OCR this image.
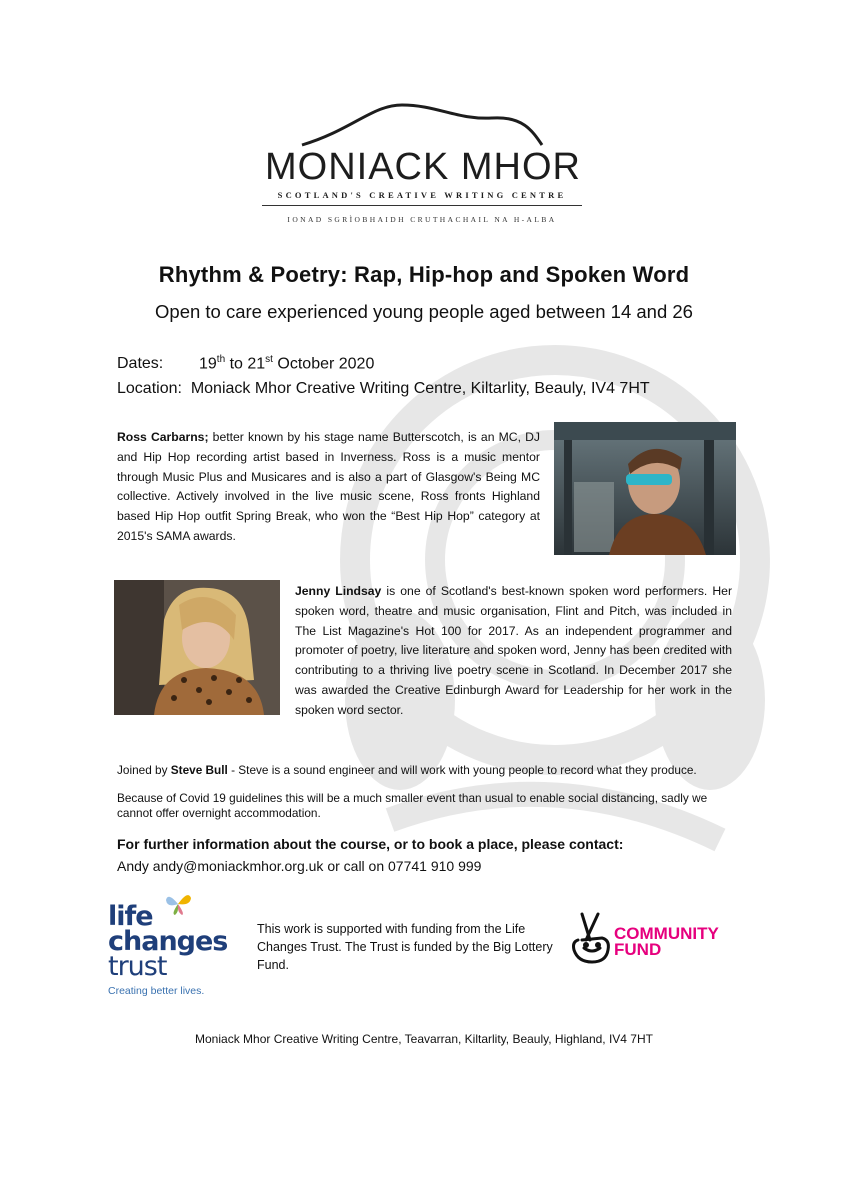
MONIACK MHOR
SCOTLAND'S CREATIVE WRITING CENTRE
IONAD SGRÌOBHAIDH CRUTHACHAIL NA H-ALBA
Rhythm & Poetry: Rap, Hip-hop and Spoken Word
Open to care experienced young people aged between 14 and 26
Dates: 19th to 21st October 2020
Location: Moniack Mhor Creative Writing Centre, Kiltarlity, Beauly, IV4 7HT
Ross Carbarns; better known by his stage name Butterscotch, is an MC, DJ and Hip Hop recording artist based in Inverness. Ross is a music mentor through Music Plus and Musicares and is also a part of Glasgow's Being MC collective. Actively involved in the live music scene, Ross fronts Highland based Hip Hop outfit Spring Break, who won the “Best Hip Hop” category at 2015's SAMA awards.
Jenny Lindsay is one of Scotland's best-known spoken word performers. Her spoken word, theatre and music organisation, Flint and Pitch, was included in The List Magazine's Hot 100 for 2017. As an independent programmer and promoter of poetry, live literature and spoken word, Jenny has been credited with contributing to a thriving live poetry scene in Scotland. In December 2017 she was awarded the Creative Edinburgh Award for Leadership for her work in the spoken word sector.
Joined by Steve Bull - Steve is a sound engineer and will work with young people to record what they produce.
Because of Covid 19 guidelines this will be a much smaller event than usual to enable social distancing, sadly we cannot offer overnight accommodation.
For further information about the course, or to book a place, please contact:
Andy andy@moniackmhor.org.uk or call on 07741 910 999
life
changes
trust
Creating better lives.
This work is supported with funding from the Life Changes Trust. The Trust is funded by the Big Lottery Fund.
COMMUNITY
FUND
Moniack Mhor Creative Writing Centre, Teavarran, Kiltarlity, Beauly, Highland, IV4 7HT
